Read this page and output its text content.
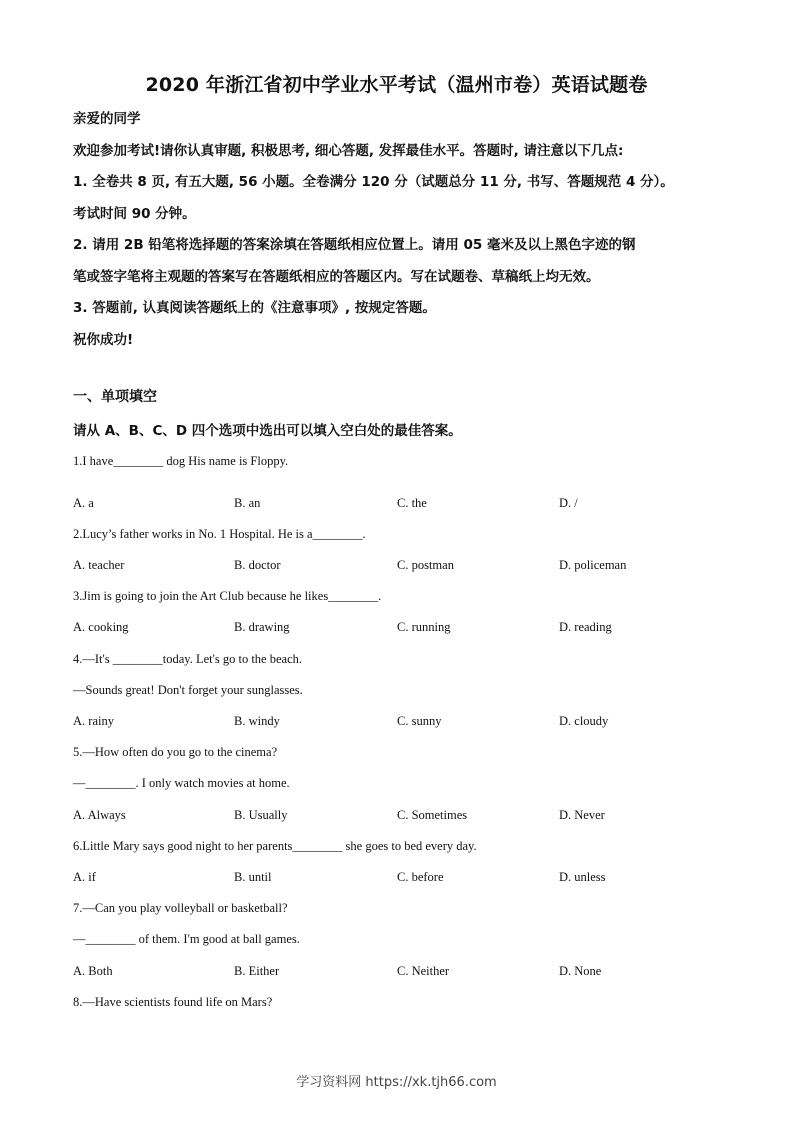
2020 年浙江省初中学业水平考试（温州市卷）英语试题卷
亲爱的同学
欢迎参加考试!请你认真审题, 积极思考, 细心答题, 发挥最佳水平。答题时, 请注意以下几点:
1. 全卷共 8 页, 有五大题, 56 小题。全卷满分 120 分（试题总分 11 分, 书写、答题规范 4 分）。
考试时间 90 分钟。
2. 请用 2B 铅笔将选择题的答案涂填在答题纸相应位置上。请用 05 毫米及以上黑色字迹的钢
笔或签字笔将主观题的答案写在答题纸相应的答题区内。写在试题卷、草稿纸上均无效。
3. 答题前, 认真阅读答题纸上的《注意事项》, 按规定答题。
祝你成功!
一、单项填空
请从 A、B、C、D 四个选项中选出可以填入空白处的最佳答案。
1.I have________ dog His name is Floppy.
A. a	B. an	C. the	D. /
2.Lucy’s father works in No. 1 Hospital. He is a________.
A. teacher	B. doctor	C. postman	D. policeman
3.Jim is going to join the Art Club because he likes________.
A. cooking	B. drawing	C. running	D. reading
4.—It's ________today. Let's go to the beach.
—Sounds great! Don't forget your sunglasses.
A. rainy	B. windy	C. sunny	D. cloudy
5.—How often do you go to the cinema?
—________. I only watch movies at home.
A. Always	B. Usually	C. Sometimes	D. Never
6.Little Mary says good night to her parents________ she goes to bed every day.
A. if	B. until	C. before	D. unless
7.—Can you play volleyball or basketball?
—________ of them. I'm good at ball games.
A. Both	B. Either	C. Neither	D. None
8.—Have scientists found life on Mars?
学习资料网 https://xk.tjh66.com
